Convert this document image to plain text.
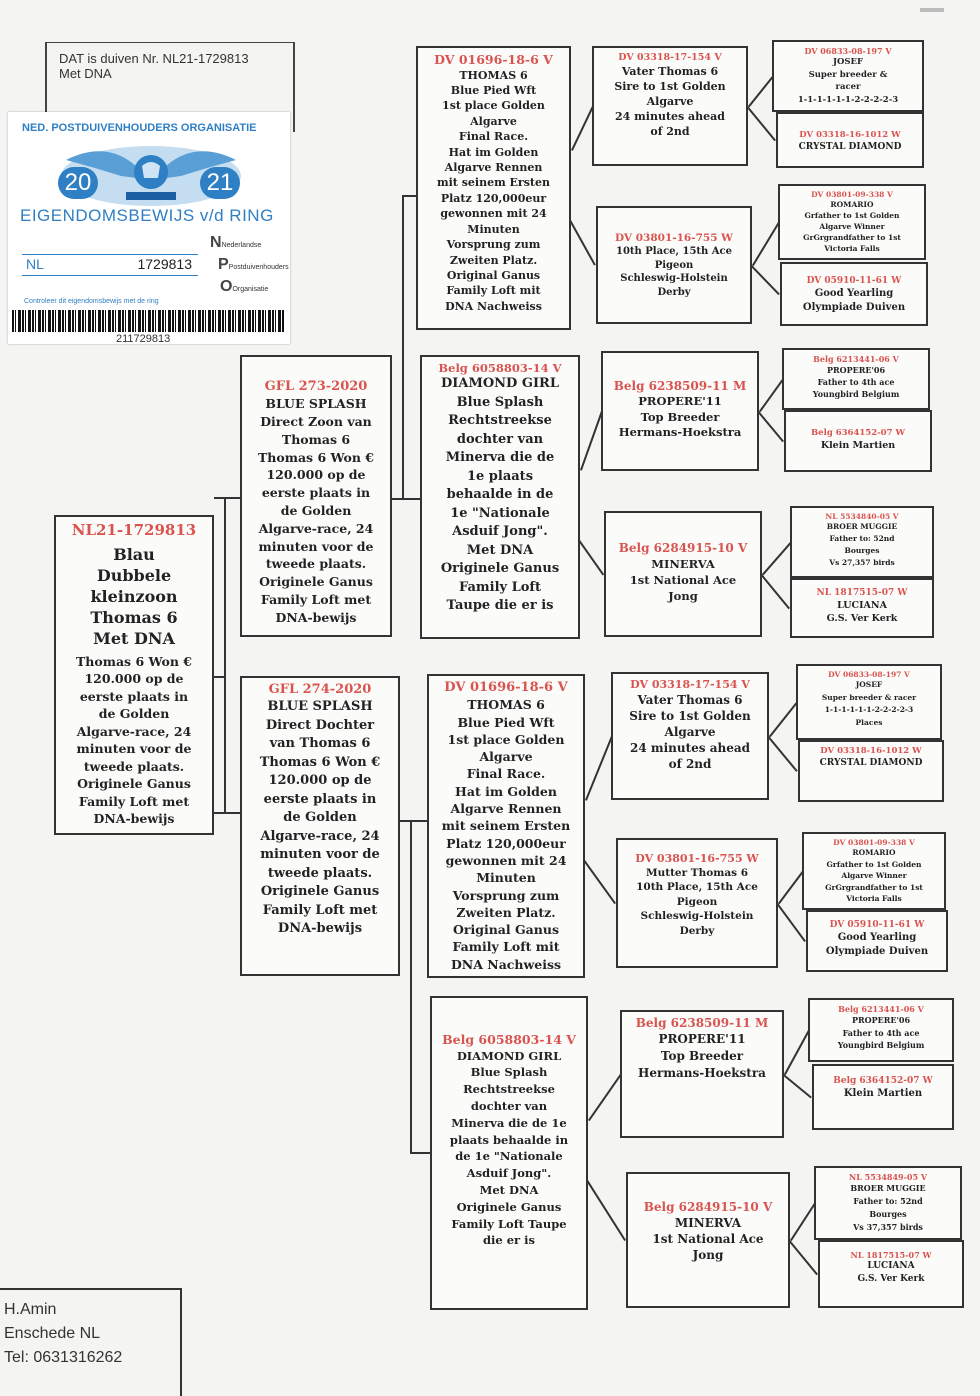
DAT is duiven Nr. NL21-1729813
Met DNA
NED. POSTDUIVENHOUDERS ORGANISATIE
20	21
EIGENDOMSBEWIJS v/d RING
NL	1729813
NNederlandse
PPostduivenhouders
OOrganisatie
Controleer dit eigendomsbewijs met de ring
211729813
NL21-1729813
Blau
Dubbele
kleinzoon
Thomas 6
Met DNA
Thomas 6 Won €
120.000 op de
eerste plaats in
de Golden
Algarve-race, 24
minuten voor de
tweede plaats.
Originele Ganus
Family Loft met
DNA-bewijs
GFL 273-2020
BLUE SPLASH
Direct Zoon van
Thomas 6
Thomas 6 Won €
120.000 op de
eerste plaats in
de Golden
Algarve-race, 24
minuten voor de
tweede plaats.
Originele Ganus
Family Loft met
DNA-bewijs
GFL 274-2020
BLUE SPLASH
Direct Dochter
van Thomas 6
Thomas 6 Won €
120.000 op de
eerste plaats in
de Golden
Algarve-race, 24
minuten voor de
tweede plaats.
Originele Ganus
Family Loft met
DNA-bewijs
DV 01696-18-6 V
THOMAS 6
Blue Pied Wft
1st place Golden
Algarve
Final Race.
Hat im Golden
Algarve Rennen
mit seinem Ersten
Platz 120,000eur
gewonnen mit 24
Minuten
Vorsprung zum
Zweiten Platz.
Original Ganus
Family Loft mit
DNA Nachweiss
Belg 6058803-14 V
DIAMOND GIRL
Blue Splash
Rechtstreekse
dochter van
Minerva die de
1e plaats
behaalde in de
1e "Nationale
Asduif Jong".
Met DNA
Originele Ganus
Family Loft
Taupe die er is
DV 01696-18-6 V
THOMAS 6
Blue Pied Wft
1st place Golden
Algarve
Final Race.
Hat im Golden
Algarve Rennen
mit seinem Ersten
Platz 120,000eur
gewonnen mit 24
Minuten
Vorsprung zum
Zweiten Platz.
Original Ganus
Family Loft mit
DNA Nachweiss
Belg 6058803-14 V
DIAMOND GIRL
Blue Splash
Rechtstreekse
dochter van
Minerva die de 1e
plaats behaalde in
de 1e "Nationale
Asduif Jong".
Met DNA
Originele Ganus
Family Loft Taupe
die er is
DV 03318-17-154 V
Vater Thomas 6
Sire to 1st Golden
Algarve
24 minutes ahead
of 2nd
DV 03801-16-755 W
10th Place, 15th Ace
Pigeon
Schleswig-Holstein
Derby
Belg 6238509-11 M
PROPERE'11
Top Breeder
Hermans-Hoekstra
Belg 6284915-10 V
MINERVA
1st National Ace
Jong
DV 03318-17-154 V
Vater Thomas 6
Sire to 1st Golden
Algarve
24 minutes ahead
of 2nd
DV 03801-16-755 W
Mutter Thomas 6
10th Place, 15th Ace
Pigeon
Schleswig-Holstein
Derby
Belg 6238509-11 M
PROPERE'11
Top Breeder
Hermans-Hoekstra
Belg 6284915-10 V
MINERVA
1st National Ace
Jong
DV 06833-08-197 V
JOSEF
Super breeder &
racer
1-1-1-1-1-1-2-2-2-2-3
DV 03318-16-1012 W
CRYSTAL DIAMOND
DV 03801-09-338 V
ROMARIO
Grfather to 1st Golden
Algarve Winner
GrGrgrandfather to 1st
Victoria Falls
DV 05910-11-61 W
Good Yearling
Olympiade Duiven
Belg 6213441-06 V
PROPERE'06
Father to 4th ace
Youngbird Belgium
Belg 6364152-07 W
Klein Martien
NL 5534840-05 V
BROER MUGGIE
Father to: 52nd
Bourges
Vs 27,357 birds
NL 1817515-07 W
LUCIANA
G.S. Ver Kerk
DV 06833-08-197 V
JOSEF
Super breeder & racer
1-1-1-1-1-1-2-2-2-2-3
Places
DV 03318-16-1012 W
CRYSTAL DIAMOND
DV 03801-09-338 V
ROMARIO
Grfather to 1st Golden
Algarve Winner
GrGrgrandfather to 1st
Victoria Falls
DV 05910-11-61 W
Good Yearling
Olympiade Duiven
Belg 6213441-06 V
PROPERE'06
Father to 4th ace
Youngbird Belgium
Belg 6364152-07 W
Klein Martien
NL 5534849-05 V
BROER MUGGIE
Father to: 52nd
Bourges
Vs 37,357 birds
NL 1817515-07 W
LUCIANA
G.S. Ver Kerk
H.Amin
Enschede NL
Tel: 0631316262
